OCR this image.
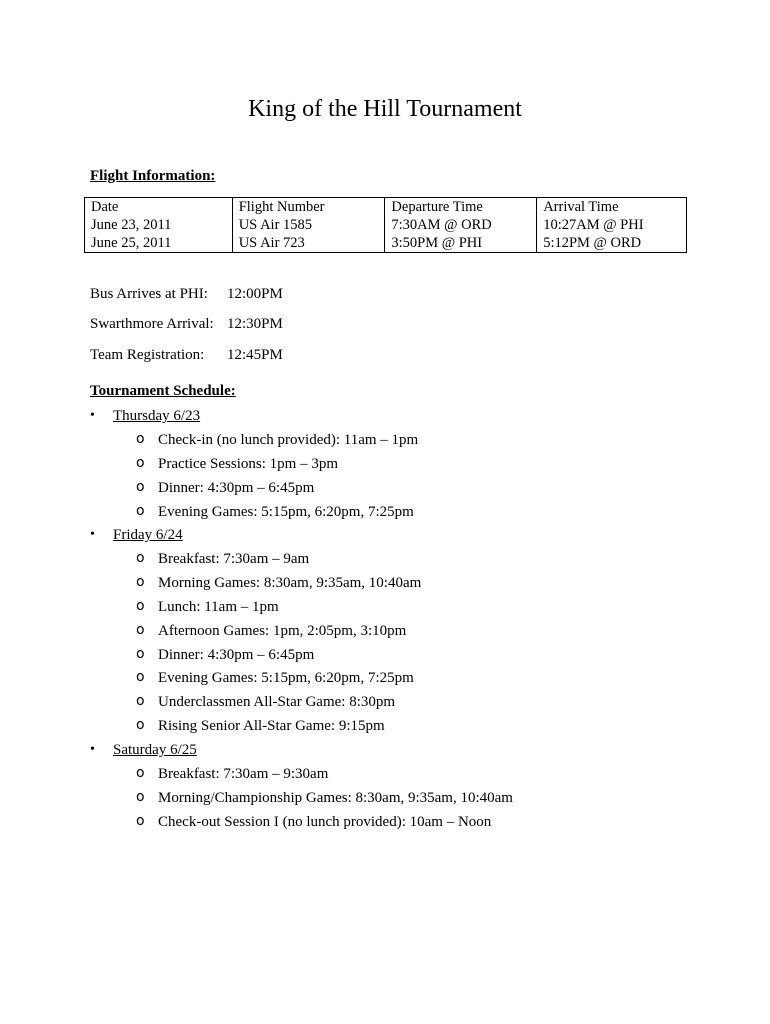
King of the Hill Tournament
Flight Information:
Date	Flight Number	Departure Time	Arrival Time
June 23, 2011	US Air 1585	7:30AM @ ORD	10:27AM @ PHI
June 25, 2011	US Air 723	3:50PM @ PHI	5:12PM @ ORD
Bus Arrives at PHI: 12:00PM
Swarthmore Arrival: 12:30PM
Team Registration: 12:45PM
Tournament Schedule:
• Thursday 6/23
o Check-in (no lunch provided): 11am – 1pm
o Practice Sessions: 1pm – 3pm
o Dinner: 4:30pm – 6:45pm
o Evening Games: 5:15pm, 6:20pm, 7:25pm
• Friday 6/24
o Breakfast: 7:30am – 9am
o Morning Games: 8:30am, 9:35am, 10:40am
o Lunch: 11am – 1pm
o Afternoon Games: 1pm, 2:05pm, 3:10pm
o Dinner: 4:30pm – 6:45pm
o Evening Games: 5:15pm, 6:20pm, 7:25pm
o Underclassmen All-Star Game: 8:30pm
o Rising Senior All-Star Game: 9:15pm
• Saturday 6/25
o Breakfast: 7:30am – 9:30am
o Morning/Championship Games: 8:30am, 9:35am, 10:40am
o Check-out Session I (no lunch provided): 10am – Noon
